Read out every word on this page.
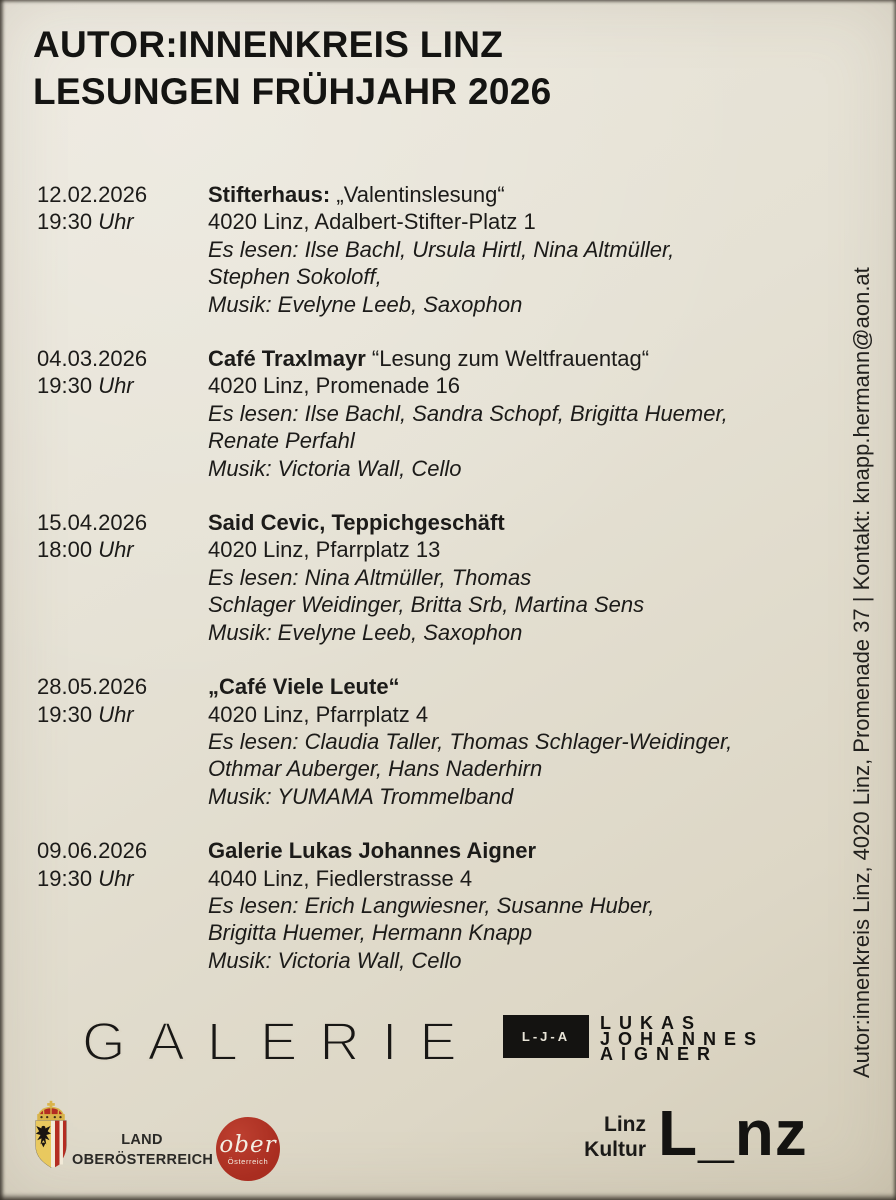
AUTOR:INNENKREIS LINZ
LESUNGEN FRÜHJAHR 2026
Autor:innenkreis Linz, 4020 Linz, Promenade 37 | Kontakt: knapp.hermann@aon.at
12.02.2026
19:30 Uhr
Stifterhaus: „Valentinslesung“
4020 Linz, Adalbert-Stifter-Platz 1
Es lesen: Ilse Bachl, Ursula Hirtl, Nina Altmüller,
Stephen Sokoloff,
Musik: Evelyne Leeb, Saxophon
04.03.2026
19:30 Uhr
Café Traxlmayr “Lesung zum Weltfrauentag“
4020 Linz, Promenade 16
Es lesen: Ilse Bachl, Sandra Schopf, Brigitta Huemer,
Renate Perfahl
Musik: Victoria Wall, Cello
15.04.2026
18:00 Uhr
Said Cevic, Teppichgeschäft
4020 Linz, Pfarrplatz 13
Es lesen: Nina Altmüller, Thomas
Schlager Weidinger, Britta Srb, Martina Sens
Musik: Evelyne Leeb, Saxophon
28.05.2026
19:30 Uhr
„Café Viele Leute“
4020 Linz, Pfarrplatz 4
Es lesen: Claudia Taller, Thomas Schlager-Weidinger,
Othmar Auberger, Hans Naderhirn
Musik: YUMAMA Trommelband
09.06.2026
19:30 Uhr
Galerie Lukas Johannes Aigner
4040 Linz, Fiedlerstrasse 4
Es lesen: Erich Langwiesner, Susanne Huber,
Brigitta Huemer, Hermann Knapp
Musik: Victoria Wall, Cello
GALERIE	L-J-A
LUKAS
JOHANNES
AIGNER
LAND
OBERÖSTERREICH
ober
Österreich
Linz
Kultur L_nz
